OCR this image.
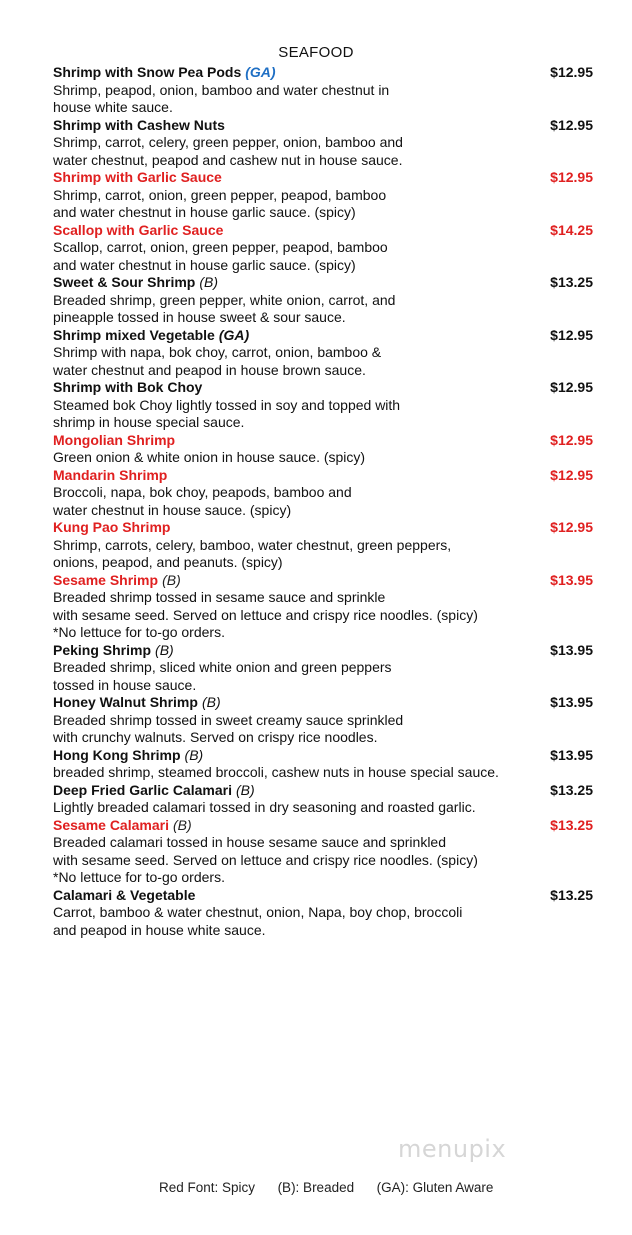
SEAFOOD
Shrimp with Snow Pea Pods (GA)	$12.95
Shrimp, peapod, onion, bamboo and water chestnut in
house white sauce.
Shrimp with Cashew Nuts	$12.95
Shrimp, carrot, celery, green pepper, onion, bamboo and
water chestnut, peapod and cashew nut in house sauce.
Shrimp with Garlic Sauce	$12.95
Shrimp, carrot, onion, green pepper, peapod, bamboo
and water chestnut in house garlic sauce. (spicy)
Scallop with Garlic Sauce	$14.25
Scallop, carrot, onion, green pepper, peapod, bamboo
and water chestnut in house garlic sauce. (spicy)
Sweet & Sour Shrimp (B)	$13.25
Breaded shrimp, green pepper, white onion, carrot, and
pineapple tossed in house sweet & sour sauce.
Shrimp mixed Vegetable (GA)	$12.95
Shrimp with napa, bok choy, carrot, onion, bamboo &
water chestnut and peapod in house brown sauce.
Shrimp with Bok Choy	$12.95
Steamed bok Choy lightly tossed in soy and topped with
shrimp in house special sauce.
Mongolian Shrimp	$12.95
Green onion & white onion in house sauce. (spicy)
Mandarin Shrimp	$12.95
Broccoli, napa, bok choy, peapods, bamboo and
water chestnut in house sauce. (spicy)
Kung Pao Shrimp	$12.95
Shrimp, carrots, celery, bamboo, water chestnut, green peppers,
onions, peapod, and peanuts. (spicy)
Sesame Shrimp (B)	$13.95
Breaded shrimp tossed in sesame sauce and sprinkle
with sesame seed. Served on lettuce and crispy rice noodles. (spicy)
*No lettuce for to-go orders.
Peking Shrimp (B)	$13.95
Breaded shrimp, sliced white onion and green peppers
tossed in house sauce.
Honey Walnut Shrimp (B)	$13.95
Breaded shrimp tossed in sweet creamy sauce sprinkled
with crunchy walnuts. Served on crispy rice noodles.
Hong Kong Shrimp (B)	$13.95
breaded shrimp, steamed broccoli, cashew nuts in house special sauce.
Deep Fried Garlic Calamari (B)	$13.25
Lightly breaded calamari tossed in dry seasoning and roasted garlic.
Sesame Calamari (B)	$13.25
Breaded calamari tossed in house sesame sauce and sprinkled
with sesame seed. Served on lettuce and crispy rice noodles. (spicy)
*No lettuce for to-go orders.
Calamari & Vegetable	$13.25
Carrot, bamboo & water chestnut, onion, Napa, boy chop, broccoli
and peapod in house white sauce.
menupix
Red Font: Spicy
(B): Breaded
(GA): Gluten Aware
